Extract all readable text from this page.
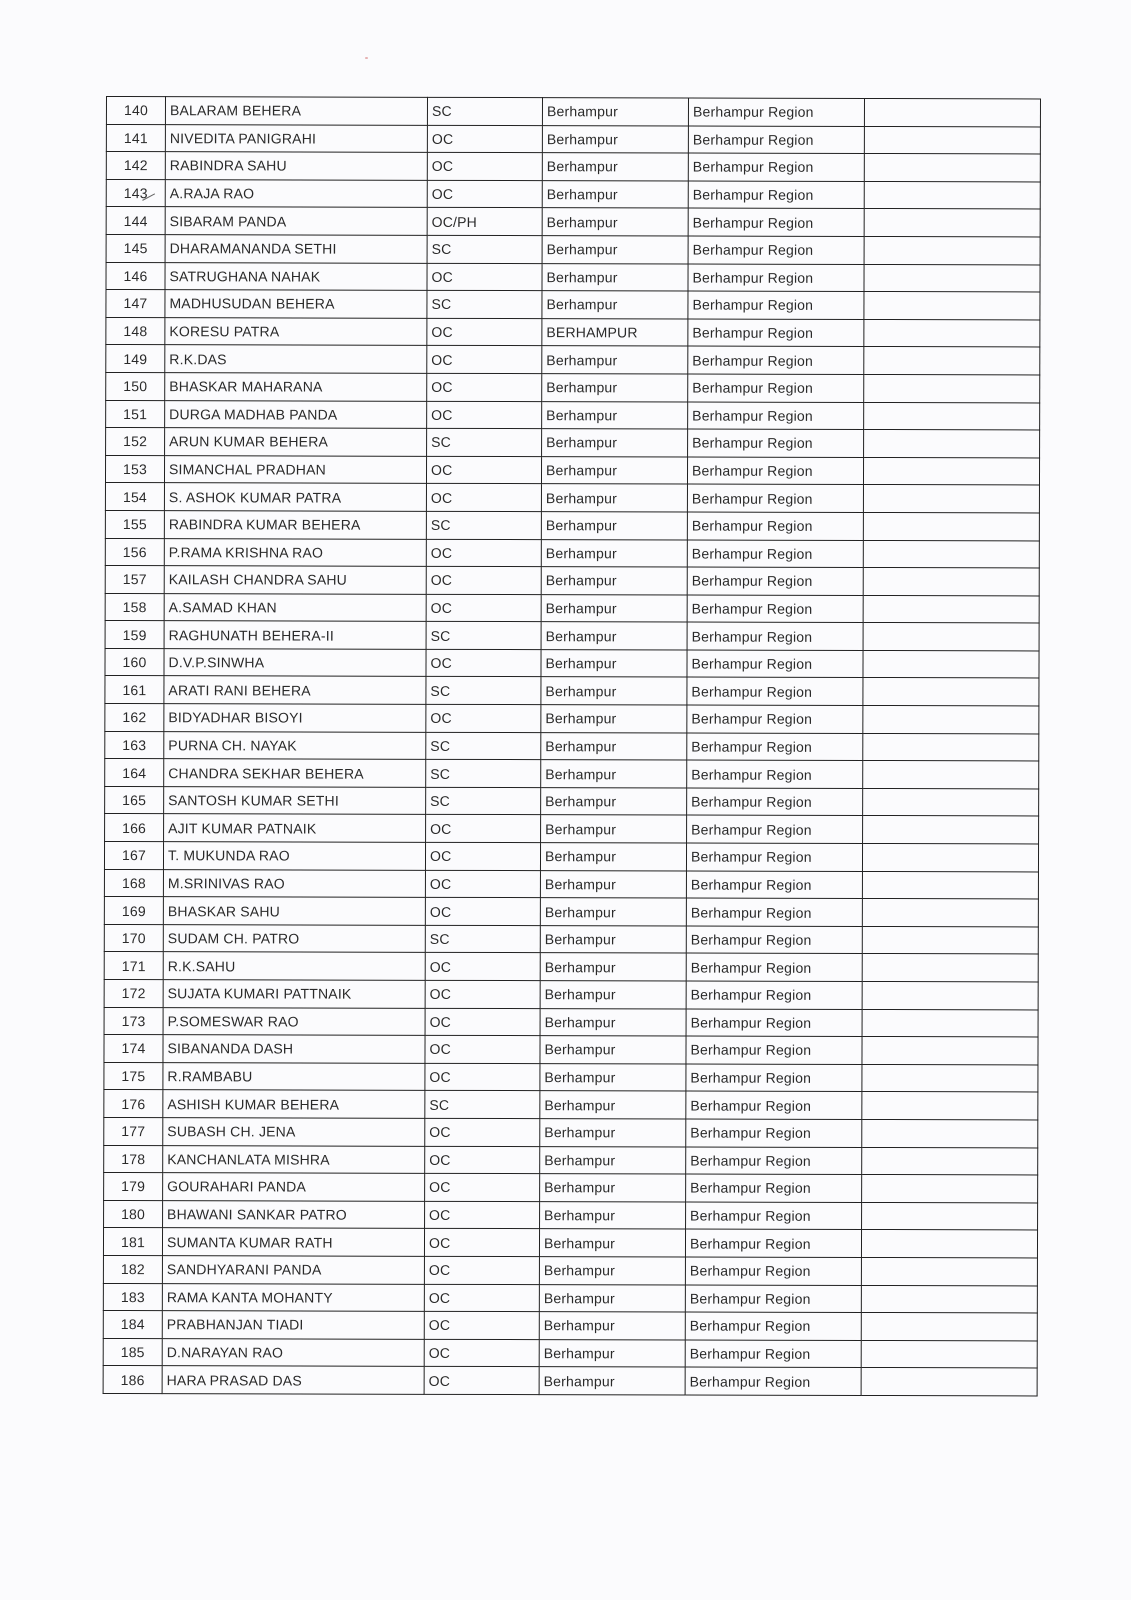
140	BALARAM BEHERA	SC	Berhampur	Berhampur Region	
141	NIVEDITA PANIGRAHI	OC	Berhampur	Berhampur Region	
142	RABINDRA SAHU	OC	Berhampur	Berhampur Region	
143	A.RAJA RAO	OC	Berhampur	Berhampur Region	
144	SIBARAM PANDA	OC/PH	Berhampur	Berhampur Region	
145	DHARAMANANDA SETHI	SC	Berhampur	Berhampur Region	
146	SATRUGHANA NAHAK	OC	Berhampur	Berhampur Region	
147	MADHUSUDAN BEHERA	SC	Berhampur	Berhampur Region	
148	KORESU PATRA	OC	BERHAMPUR	Berhampur Region	
149	R.K.DAS	OC	Berhampur	Berhampur Region	
150	BHASKAR MAHARANA	OC	Berhampur	Berhampur Region	
151	DURGA MADHAB PANDA	OC	Berhampur	Berhampur Region	
152	ARUN KUMAR BEHERA	SC	Berhampur	Berhampur Region	
153	SIMANCHAL PRADHAN	OC	Berhampur	Berhampur Region	
154	S. ASHOK KUMAR PATRA	OC	Berhampur	Berhampur Region	
155	RABINDRA KUMAR BEHERA	SC	Berhampur	Berhampur Region	
156	P.RAMA KRISHNA RAO	OC	Berhampur	Berhampur Region	
157	KAILASH CHANDRA SAHU	OC	Berhampur	Berhampur Region	
158	A.SAMAD KHAN	OC	Berhampur	Berhampur Region	
159	RAGHUNATH BEHERA-II	SC	Berhampur	Berhampur Region	
160	D.V.P.SINWHA	OC	Berhampur	Berhampur Region	
161	ARATI RANI BEHERA	SC	Berhampur	Berhampur Region	
162	BIDYADHAR BISOYI	OC	Berhampur	Berhampur Region	
163	PURNA CH. NAYAK	SC	Berhampur	Berhampur Region	
164	CHANDRA SEKHAR BEHERA	SC	Berhampur	Berhampur Region	
165	SANTOSH KUMAR SETHI	SC	Berhampur	Berhampur Region	
166	AJIT KUMAR PATNAIK	OC	Berhampur	Berhampur Region	
167	T. MUKUNDA RAO	OC	Berhampur	Berhampur Region	
168	M.SRINIVAS RAO	OC	Berhampur	Berhampur Region	
169	BHASKAR SAHU	OC	Berhampur	Berhampur Region	
170	SUDAM CH. PATRO	SC	Berhampur	Berhampur Region	
171	R.K.SAHU	OC	Berhampur	Berhampur Region	
172	SUJATA KUMARI PATTNAIK	OC	Berhampur	Berhampur Region	
173	P.SOMESWAR RAO	OC	Berhampur	Berhampur Region	
174	SIBANANDA DASH	OC	Berhampur	Berhampur Region	
175	R.RAMBABU	OC	Berhampur	Berhampur Region	
176	ASHISH KUMAR BEHERA	SC	Berhampur	Berhampur Region	
177	SUBASH CH. JENA	OC	Berhampur	Berhampur Region	
178	KANCHANLATA MISHRA	OC	Berhampur	Berhampur Region	
179	GOURAHARI PANDA	OC	Berhampur	Berhampur Region	
180	BHAWANI SANKAR PATRO	OC	Berhampur	Berhampur Region	
181	SUMANTA KUMAR RATH	OC	Berhampur	Berhampur Region	
182	SANDHYARANI PANDA	OC	Berhampur	Berhampur Region	
183	RAMA KANTA MOHANTY	OC	Berhampur	Berhampur Region	
184	PRABHANJAN TIADI	OC	Berhampur	Berhampur Region	
185	D.NARAYAN RAO	OC	Berhampur	Berhampur Region	
186	HARA PRASAD DAS	OC	Berhampur	Berhampur Region	
